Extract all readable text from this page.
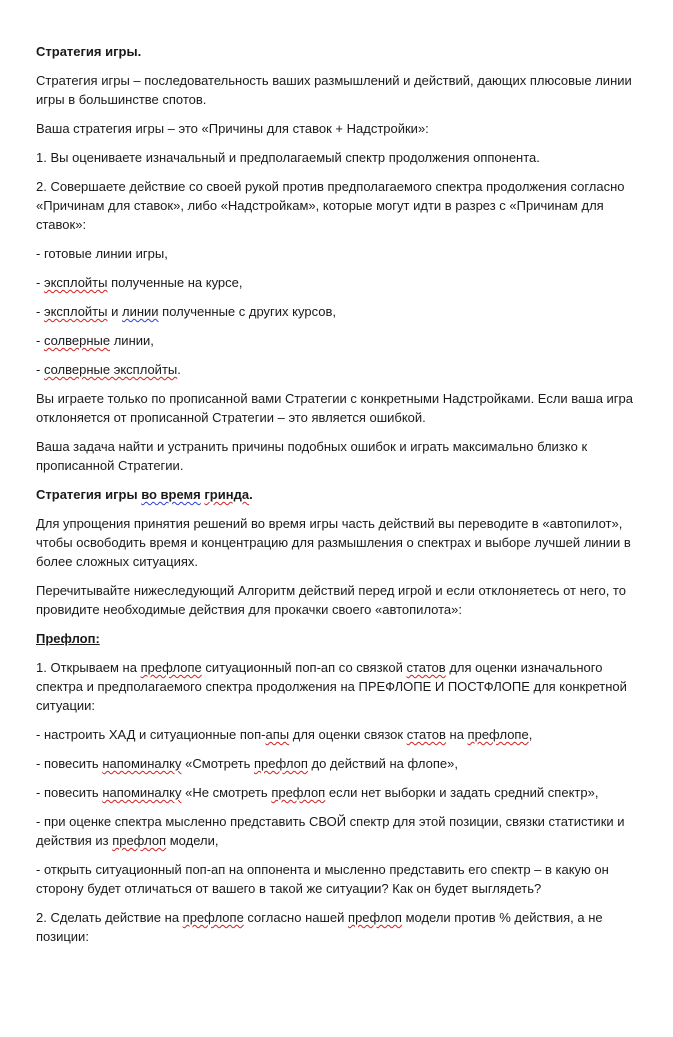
Стратегия игры.

Стратегия игры – последовательность ваших размышлений и действий, дающих плюсовые линии игры в большинстве спотов.

Ваша стратегия игры – это «Причины для ставок + Надстройки»:

1. Вы оцениваете изначальный и предполагаемый спектр продолжения оппонента.

2. Совершаете действие со своей рукой против предполагаемого спектра продолжения согласно «Причинам для ставок», либо «Надстройкам», которые могут идти в разрез с «Причинам для ставок»:

- готовые линии игры,

- эксплойты полученные на курсе,

- эксплойты и линии полученные с других курсов,

- солверные линии,

- солверные эксплойты.

Вы играете только по прописанной вами Стратегии с конкретными Надстройками. Если ваша игра отклоняется от прописанной Стратегии – это является ошибкой.

Ваша задача найти и устранить причины подобных ошибок и играть максимально близко к прописанной Стратегии.

Стратегия игры во время гринда.

Для упрощения принятия решений во время игры часть действий вы переводите в «автопилот», чтобы освободить время и концентрацию для размышления о спектрах и выборе лучшей линии в более сложных ситуациях.

Перечитывайте нижеследующий Алгоритм действий перед игрой и если отклоняетесь от него, то провидите необходимые действия для прокачки своего «автопилота»:

Префлоп:

1. Открываем на префлопе ситуационный поп-ап со связкой статов для оценки изначального спектра и предполагаемого спектра продолжения на ПРЕФЛОПЕ И ПОСТФЛОПЕ для конкретной ситуации:

- настроить ХАД и ситуационные поп-апы для оценки связок статов на префлопе,

- повесить напоминалку «Смотреть префлоп до действий на флопе»,

- повесить напоминалку «Не смотреть префлоп если нет выборки и задать средний спектр»,

- при оценке спектра мысленно представить СВОЙ спектр для этой позиции, связки статистики и действия из префлоп модели,

- открыть ситуационный поп-ап на оппонента и мысленно представить его спектр – в какую он сторону будет отличаться от вашего в такой же ситуации? Как он будет выглядеть?

2. Сделать действие на префлопе согласно нашей префлоп модели против % действия, а не позиции:
